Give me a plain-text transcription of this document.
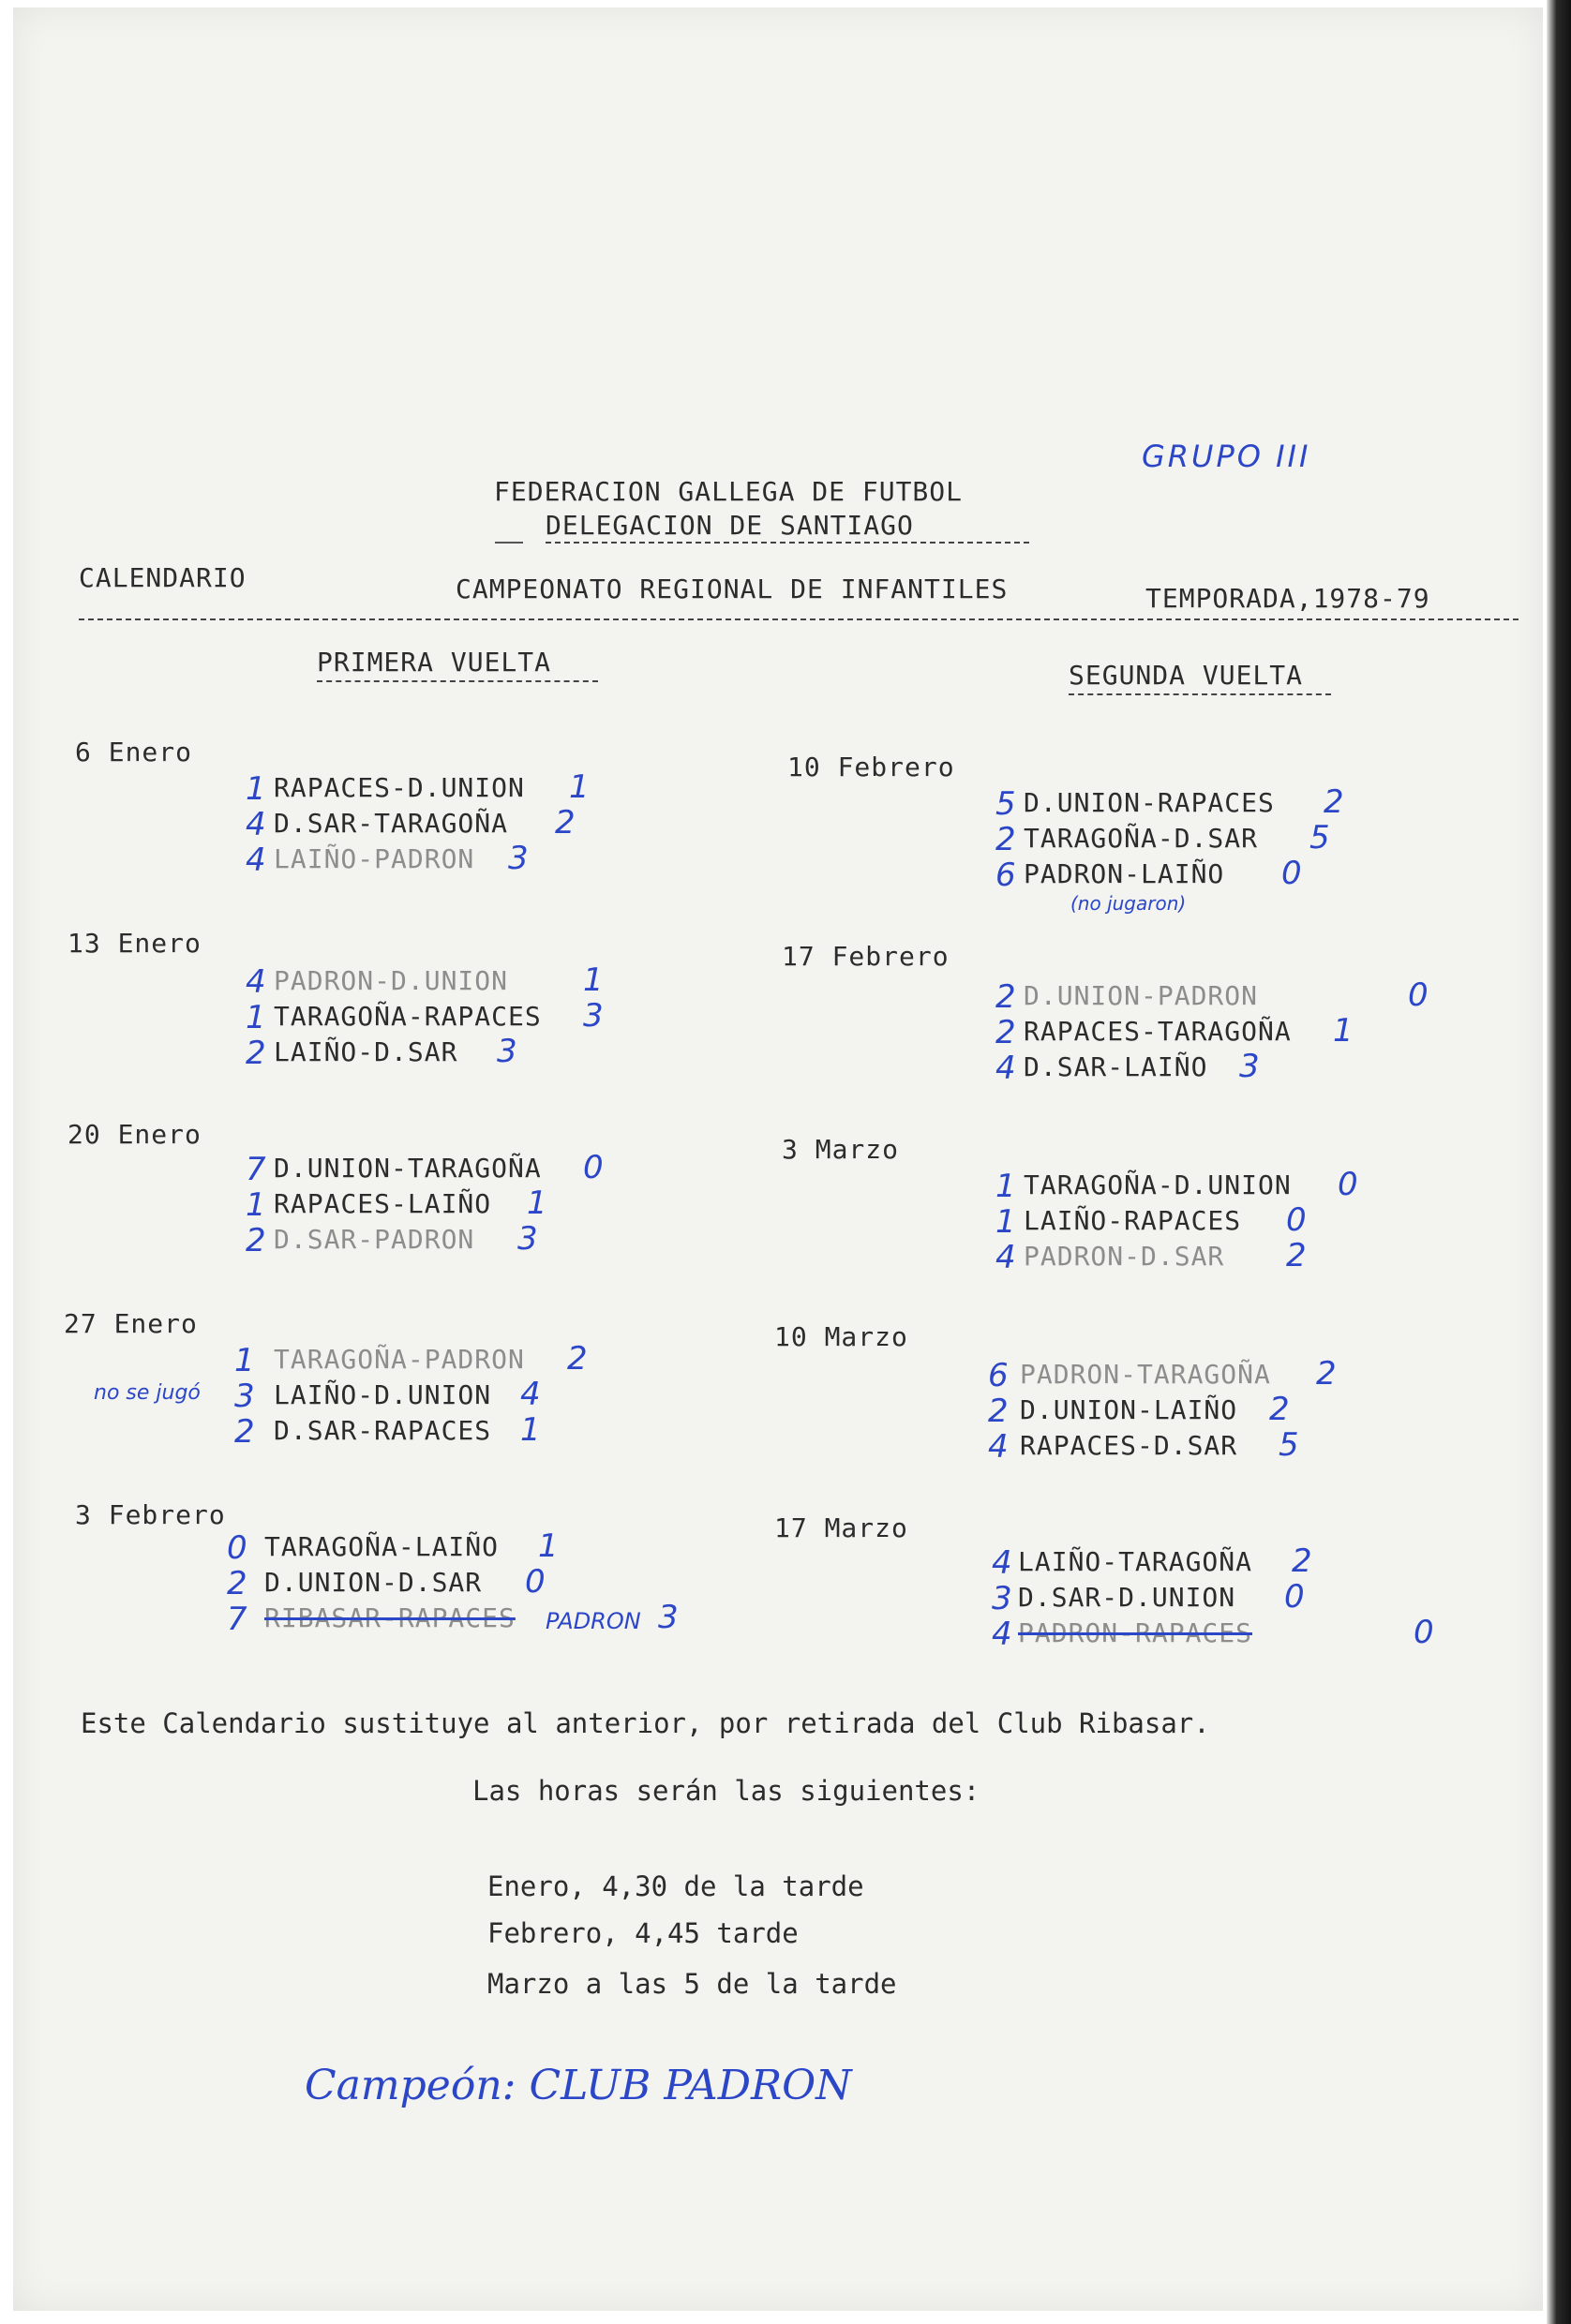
GRUPO III
FEDERACION GALLEGA DE FUTBOL
DELEGACION DE SANTIAGO
CALENDARIO	CAMPEONATO REGIONAL DE INFANTILES	TEMPORADA,1978-79
PRIMERA VUELTA	SEGUNDA VUELTA
6 Enero
1 RAPACES-D.UNION 1
4 D.SAR-TARAGOÑA 2
4 LAIÑO-PADRON 3
13 Enero
4 PADRON-D.UNION 1
1 TARAGOÑA-RAPACES 3
2 LAIÑO-D.SAR 3
20 Enero
7 D.UNION-TARAGOÑA 0
1 RAPACES-LAIÑO 1
2 D.SAR-PADRON 3
27 Enero
no se jugó
1 TARAGOÑA-PADRON 2
3 LAIÑO-D.UNION 4
2 D.SAR-RAPACES 1
3 Febrero
0 TARAGOÑA-LAIÑO 1
2 D.UNION-D.SAR 0
7 RIBASAR-RAPACES PADRON 3
10 Febrero
5 D.UNION-RAPACES 2
2 TARAGOÑA-D.SAR 5
6 PADRON-LAIÑO 0
(no jugaron)
17 Febrero
2 D.UNION-PADRON	0
2 RAPACES-TARAGOÑA 1
4 D.SAR-LAIÑO 3
3 Marzo
1 TARAGOÑA-D.UNION 0
1 LAIÑO-RAPACES 0
4 PADRON-D.SAR 2
10 Marzo
6 PADRON-TARAGOÑA 2
2 D.UNION-LAIÑO 2
4 RAPACES-D.SAR 5
17 Marzo
4 LAIÑO-TARAGOÑA 2
3 D.SAR-D.UNION 0
4 PADRON-RAPACES	0
Este Calendario sustituye al anterior, por retirada del Club Ribasar.
Las horas serán las siguientes:
Enero, 4,30 de la tarde
Febrero, 4,45 tarde
Marzo a las 5 de la tarde
Campeón: CLUB PADRON
